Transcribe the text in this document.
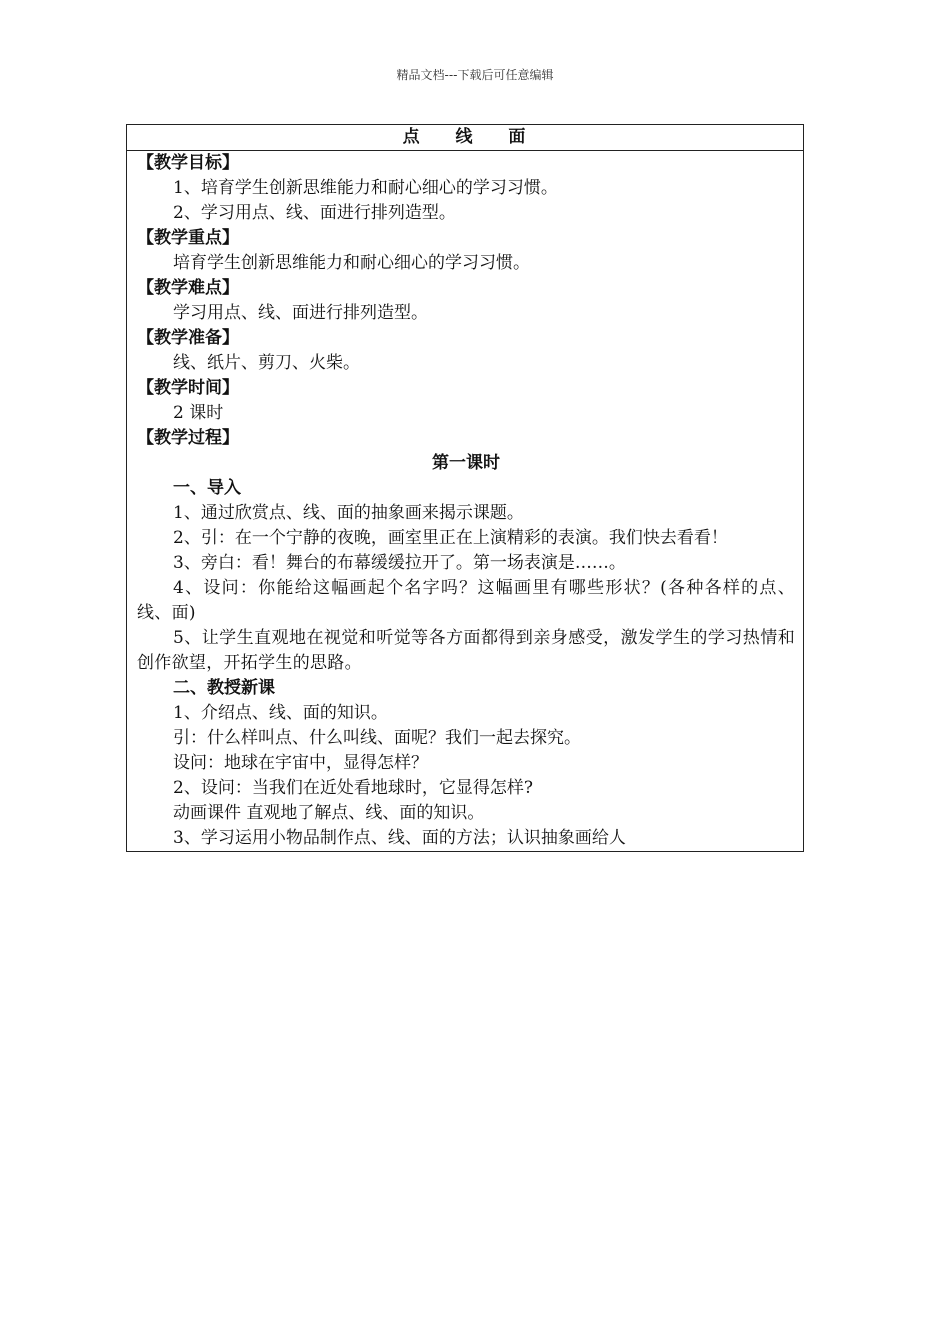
精品文档---下载后可任意编辑
点 线 面
【教学目标】
1、培育学生创新思维能力和耐心细心的学习习惯。
2、学习用点、线、面进行排列造型。
【教学重点】
培育学生创新思维能力和耐心细心的学习习惯。
【教学难点】
学习用点、线、面进行排列造型。
【教学准备】
线、纸片、剪刀、火柴。
【教学时间】
2 课时
【教学过程】
第一课时
一、导入
1、通过欣赏点、线、面的抽象画来揭示课题。
2、引：在一个宁静的夜晚，画室里正在上演精彩的表演。我们快去看看！
3、旁白：看！舞台的布幕缓缓拉开了。第一场表演是……。
4、设问：你能给这幅画起个名字吗？这幅画里有哪些形状？(各种各样的点、线、面)
5、让学生直观地在视觉和听觉等各方面都得到亲身感受，激发学生的学习热情和创作欲望，开拓学生的思路。
二、教授新课
1、介绍点、线、面的知识。
引：什么样叫点、什么叫线、面呢？我们一起去探究。
设问：地球在宇宙中，显得怎样？
2、设问：当我们在近处看地球时，它显得怎样?
动画课件 直观地了解点、线、面的知识。
3、学习运用小物品制作点、线、面的方法；认识抽象画给人
